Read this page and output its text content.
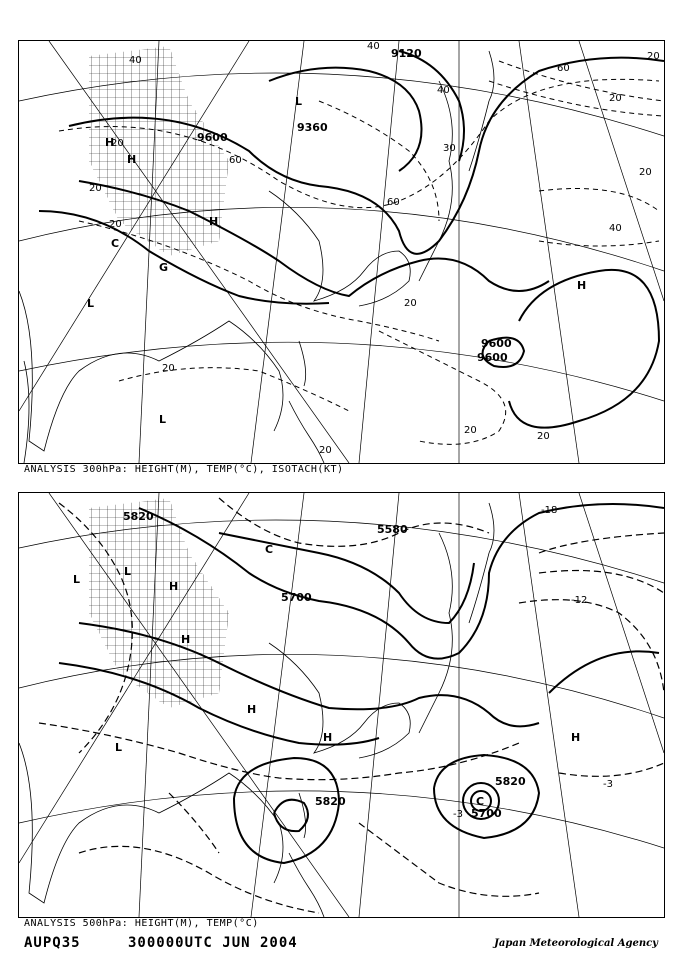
9120
9360
9600
9600
9600
40
40
40
20
20
20
20
20
20
20
20
20
20
30
40
60
60
60
20
H
H
H
H
L
L
L
C
G
ANALYSIS 300hPa: HEIGHT(M), TEMP(°C), ISOTACH(KT)
5820
5580
5700
5820
5820
5700
-18
-12
-3
-3
H
H
H
H	H
L
L
L
C
C
ANALYSIS 500hPa: HEIGHT(M), TEMP(°C)
AUPQ35	300000UTC JUN 2004	Japan Meteorological Agency
